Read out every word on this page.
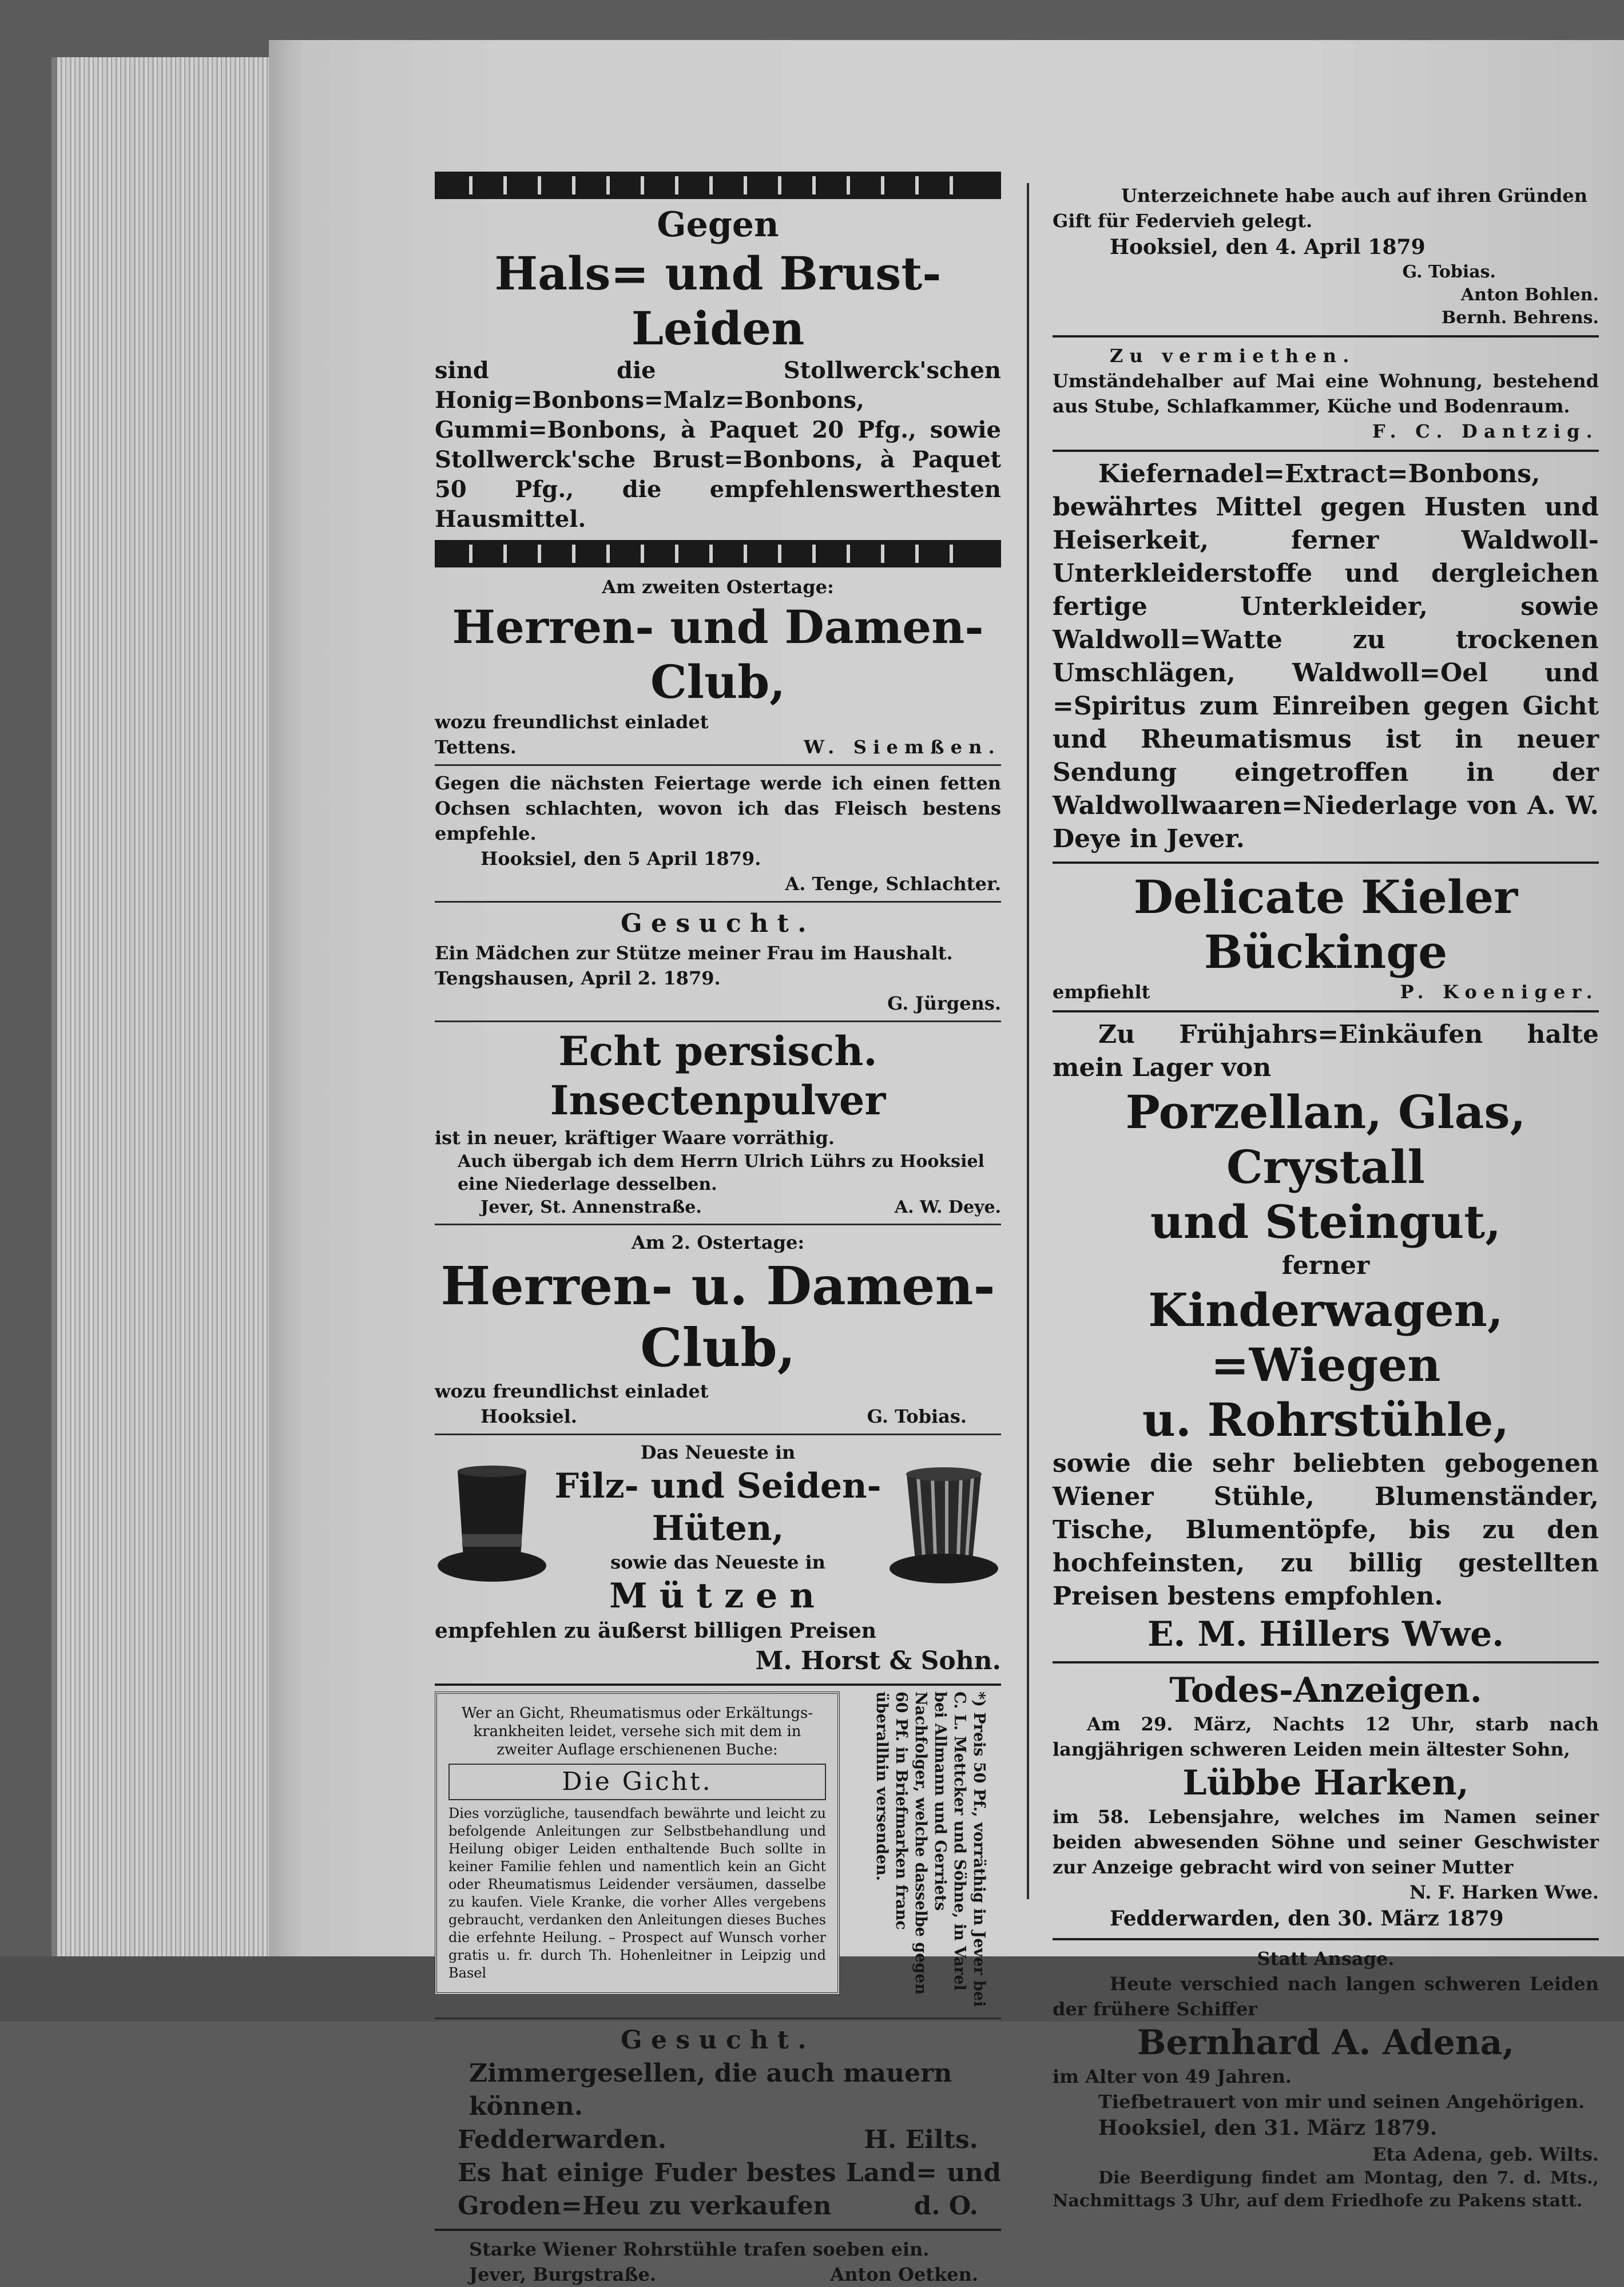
Gegen
Hals= und Brust-Leiden
sind die Stollwerck'schen Honig=Bonbons=Malz=Bonbons, Gummi=Bonbons, à Paquet 20 Pfg., sowie Stollwerck'sche Brust=Bonbons, à Paquet 50 Pfg., die empfehlenswerthesten Hausmittel.
Am zweiten Ostertage:
Herren- und Damen-Club,
wozu freundlichst einladet
Tettens.	W. Siemßen.
Gegen die nächsten Feiertage werde ich einen fetten Ochsen schlachten, wovon ich das Fleisch bestens empfehle.
Hooksiel, den 5 April 1879.
A. Tenge, Schlachter.
Gesucht.
Ein Mädchen zur Stütze meiner Frau im Haushalt.
Tengshausen, April 2. 1879.
G. Jürgens.
Echt persisch. Insectenpulver
ist in neuer, kräftiger Waare vorräthig.
Auch übergab ich dem Herrn Ulrich Lührs zu Hooksiel eine Niederlage desselben.
Jever, St. Annenstraße.	A. W. Deye.
Am 2. Ostertage:
Herren- u. Damen-Club,
wozu freundlichst einladet
Hooksiel.	G. Tobias.
Das Neueste in
Filz- und Seiden-Hüten,
sowie das Neueste in
Mützen
empfehlen zu äußerst billigen Preisen
M. Horst & Sohn.
Wer an Gicht, Rheumatismus oder Erkältungs-krankheiten leidet, versehe sich mit dem in zweiter Auflage erschienenen Buche:
Die Gicht.
Dies vorzügliche, tausendfach bewährte und leicht zu befolgende Anleitungen zur Selbstbehandlung und Heilung obiger Leiden enthaltende Buch sollte in keiner Familie fehlen und namentlich kein an Gicht oder Rheumatismus Leidender versäumen, dasselbe zu kaufen. Viele Kranke, die vorher Alles vergebens gebraucht, verdanken den Anleitungen dieses Buches die erfehnte Heilung. – Prospect auf Wunsch vorher gratis u. fr. durch Th. Hohenleitner in Leipzig und Basel	*) Preis 50 Pf., vorräthig in Jever bei C. L. Mettcker und Söhne, in Varel bei Allmann und Gerriets Nachfolger, welche dasselbe gegen 60 Pf. in Briefmarken franc überallhin versenden.
Gesucht.
Zimmergesellen, die auch mauern können.
Fedderwarden.	H. Eilts.
Es hat einige Fuder bestes Land= und Groden=Heu zu verkaufen	d. O.
Starke Wiener Rohrstühle trafen soeben ein.
Jever, Burgstraße.	Anton Oetken.
Unterzeichnete habe auch auf ihren Gründen Gift für Federvieh gelegt.
Hooksiel, den 4. April 1879
G. Tobias.
Anton Bohlen.
Bernh. Behrens.
Zu vermiethen.
Umständehalber auf Mai eine Wohnung, bestehend aus Stube, Schlafkammer, Küche und Bodenraum.
F. C. Dantzig.
Kiefernadel=Extract=Bonbons, bewährtes Mittel gegen Husten und Heiserkeit, ferner Waldwoll-Unterkleiderstoffe und dergleichen fertige Unterkleider, sowie Waldwoll=Watte zu trockenen Umschlägen, Waldwoll=Oel und =Spiritus zum Einreiben gegen Gicht und Rheumatismus ist in neuer Sendung eingetroffen in der Waldwollwaaren=Niederlage von A. W. Deye in Jever.
Delicate Kieler Bückinge
empfiehlt	P. Koeniger.
Zu Frühjahrs=Einkäufen halte mein Lager von
Porzellan, Glas, Crystall
und Steingut,
ferner
Kinderwagen, =Wiegen
u. Rohrstühle,
sowie die sehr beliebten gebogenen Wiener Stühle, Blumenständer, Tische, Blumentöpfe, bis zu den hochfeinsten, zu billig gestellten Preisen bestens empfohlen.
E. M. Hillers Wwe.
Todes-Anzeigen.
Am 29. März, Nachts 12 Uhr, starb nach langjährigen schweren Leiden mein ältester Sohn,
Lübbe Harken,
im 58. Lebensjahre, welches im Namen seiner beiden abwesenden Söhne und seiner Geschwister zur Anzeige gebracht wird von seiner Mutter
N. F. Harken Wwe.
Fedderwarden, den 30. März 1879
Statt Ansage.
Heute verschied nach langen schweren Leiden der frühere Schiffer
Bernhard A. Adena,
im Alter von 49 Jahren.
Tiefbetrauert von mir und seinen Angehörigen.
Hooksiel, den 31. März 1879.
Eta Adena, geb. Wilts.
Die Beerdigung findet am Montag, den 7. d. Mts., Nachmittags 3 Uhr, auf dem Friedhofe zu Pakens statt.
